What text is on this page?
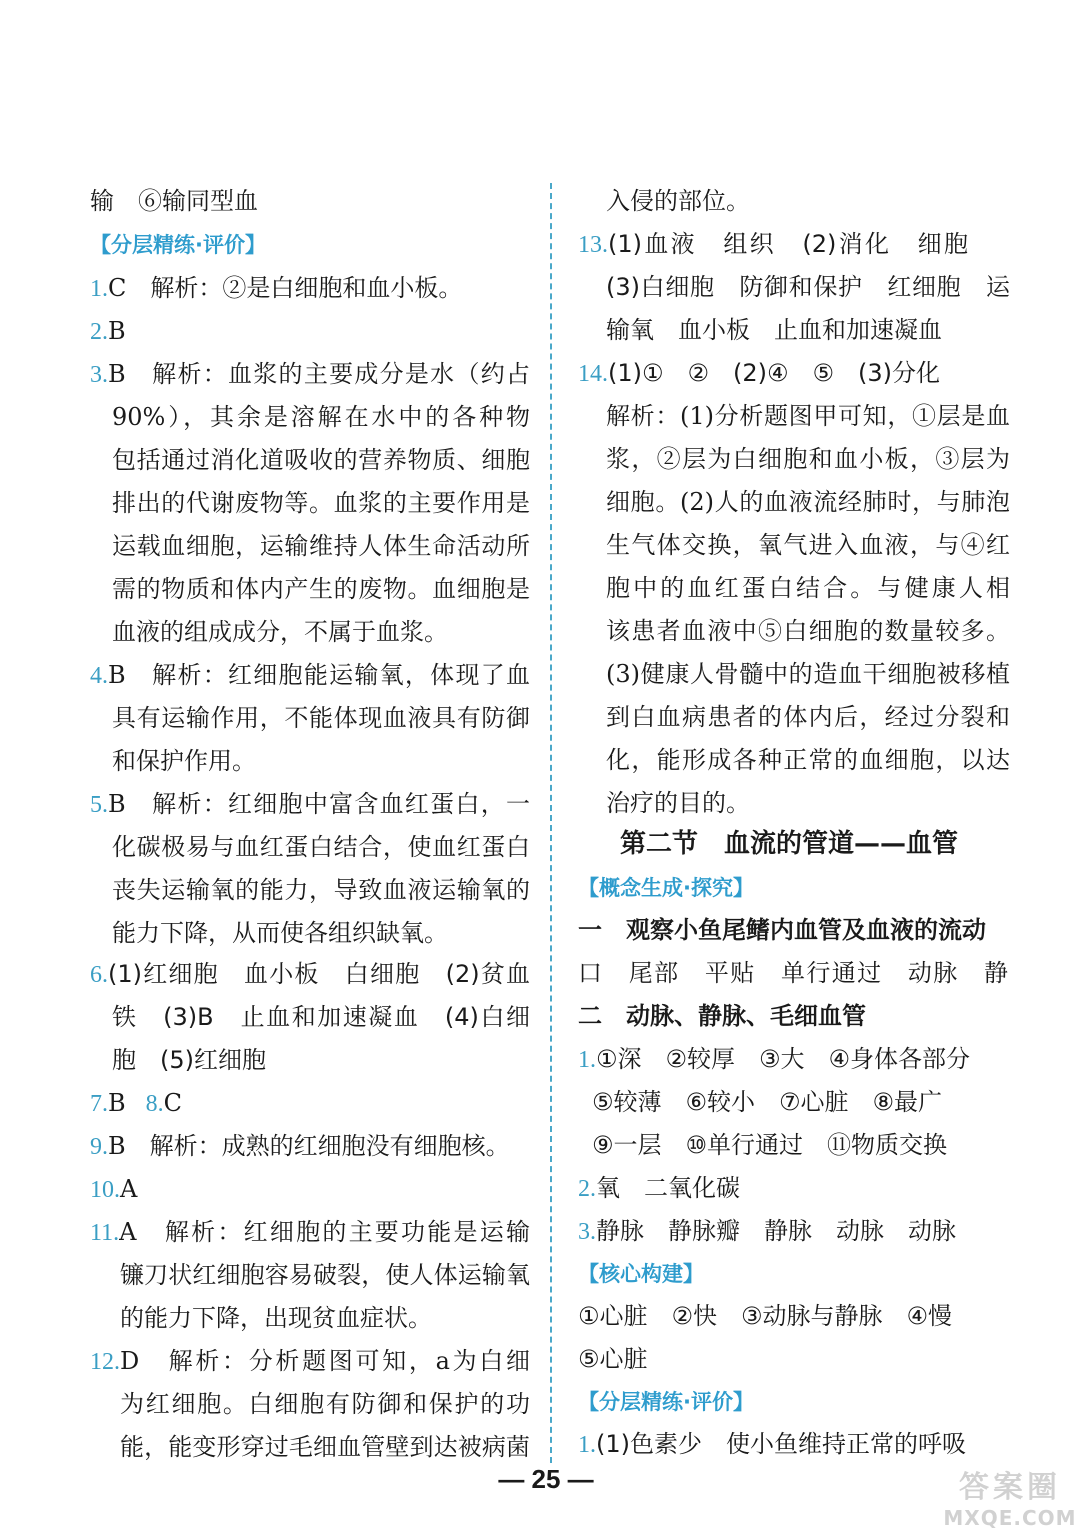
输　⑥输同型血
【分层精练·评价】
1.C　解析：②是白细胞和血小板。
2.B
3.B　解析：血浆的主要成分是水（约占
90%），其余是溶解在水中的各种物
包括通过消化道吸收的营养物质、细胞
排出的代谢废物等。血浆的主要作用是
运载血细胞，运输维持人体生命活动所
需的物质和体内产生的废物。血细胞是
血液的组成成分，不属于血浆。
4.B　解析：红细胞能运输氧，体现了血
具有运输作用，不能体现血液具有防御
和保护作用。
5.B　解析：红细胞中富含血红蛋白，一
化碳极易与血红蛋白结合，使血红蛋白
丧失运输氧的能力，导致血液运输氧的
能力下降，从而使各组织缺氧。
6.(1)红细胞　血小板　白细胞　(2)贫血
铁　(3)B　止血和加速凝血　(4)白细
胞　(5)红细胞
7.B 8.C
9.B　解析：成熟的红细胞没有细胞核。
10.A
11.A　解析：红细胞的主要功能是运输
镰刀状红细胞容易破裂，使人体运输氧
的能力下降，出现贫血症状。
12.D　解析：分析题图可知，a为白细
为红细胞。白细胞有防御和保护的功
能，能变形穿过毛细血管壁到达被病菌
入侵的部位。
13.(1)血液　组织　(2)消化　细胞
(3)白细胞　防御和保护　红细胞　运
输氧　血小板　止血和加速凝血
14.(1)①　②　(2)④　⑤　(3)分化
解析：(1)分析题图甲可知，①层是血
浆，②层为白细胞和血小板，③层为
细胞。(2)人的血液流经肺时，与肺泡
生气体交换，氧气进入血液，与④红
胞中的血红蛋白结合。与健康人相
该患者血液中⑤白细胞的数量较多。
(3)健康人骨髓中的造血干细胞被移植
到白血病患者的体内后，经过分裂和
化，能形成各种正常的血细胞，以达
治疗的目的。
第二节　血流的管道——血管
【概念生成·探究】
一　观察小鱼尾鳍内血管及血液的流动
口　尾部　平贴　单行通过　动脉　静
二　动脉、静脉、毛细血管
1.①深　②较厚　③大　④身体各部分
⑤较薄　⑥较小　⑦心脏　⑧最广
⑨一层　⑩单行通过　⑪物质交换
2.氧　二氧化碳
3.静脉　静脉瓣　静脉　动脉　动脉
【核心构建】
①心脏　②快　③动脉与静脉　④慢
⑤心脏
【分层精练·评价】
1.(1)色素少　使小鱼维持正常的呼吸
— 25 —	答案圈
MXQE.COM
